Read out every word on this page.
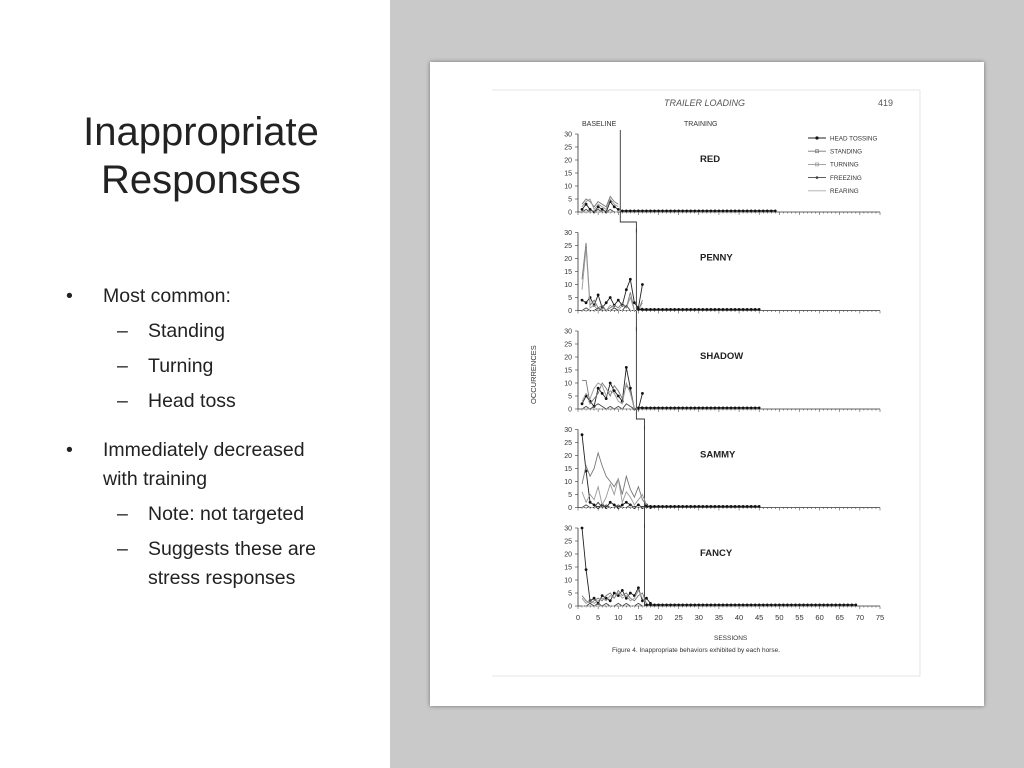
Inappropriate
Responses
• Most common:
– Standing
– Turning
– Head toss
• Immediately decreased
with training
– Note: not targeted
– Suggests these are
stress responses
TRAILER LOADING	419
BASELINE	TRAINING
OCCURRENCES
SESSIONS
Figure 4. Inappropriate behaviors exhibited by each horse.
HEAD TOSSING
STANDING
TURNING
FREEZING
REARING
0
5
10
15
20
25
30
RED
0
5
10
15
20
25
30
PENNY
0
5
10
15
20
25
30
SHADOW
0
5
10
15
20
25
30
SAMMY
0
5
10
15
20
25
30
FANCY
0 5 10 15 20 25 30 35 40 45 50 55 60 65 70 75
